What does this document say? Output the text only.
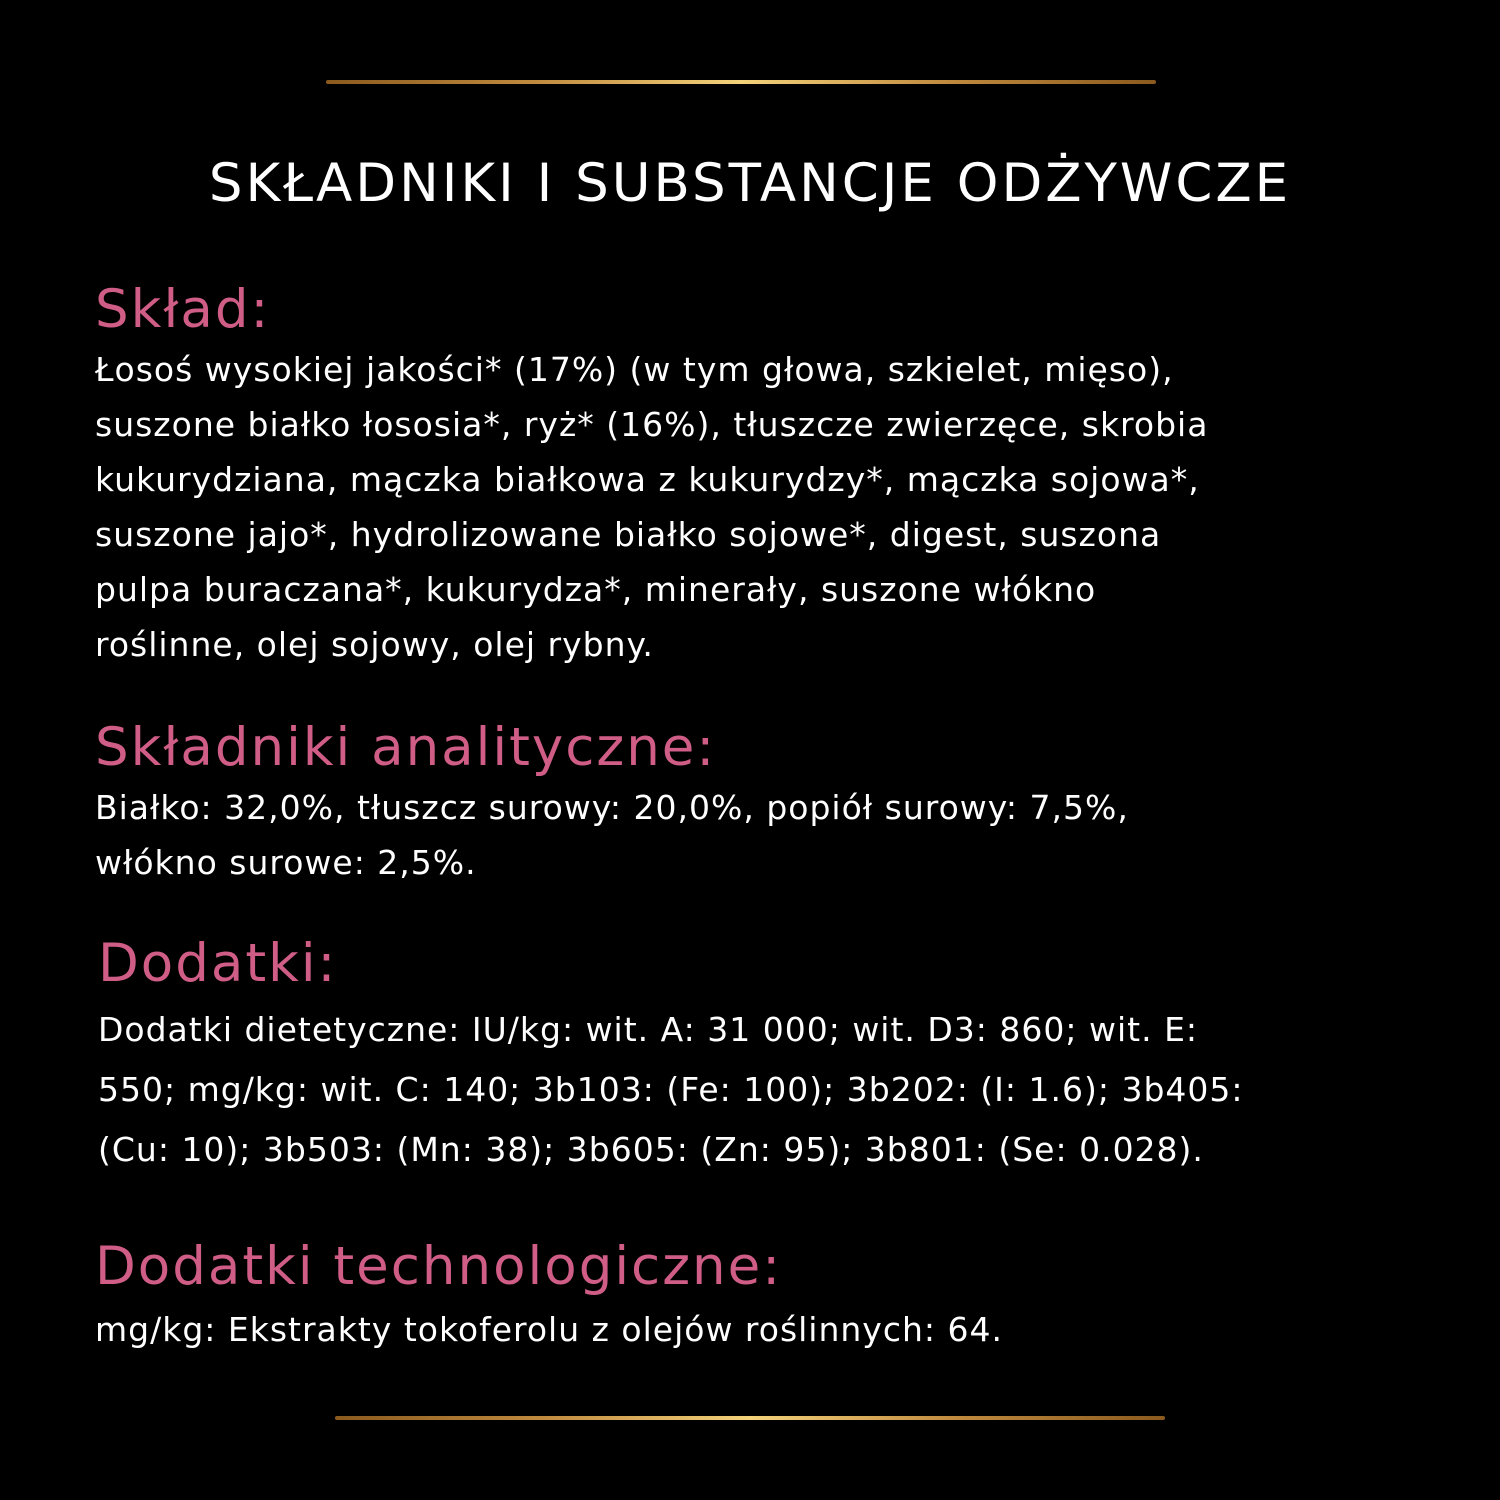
SKŁADNIKI I SUBSTANCJE ODŻYWCZE
Skład:
Łosoś wysokiej jakości* (17%) (w tym głowa, szkielet, mięso),
suszone białko łososia*, ryż* (16%), tłuszcze zwierzęce, skrobia
kukurydziana, mączka białkowa z kukurydzy*, mączka sojowa*,
suszone jajo*, hydrolizowane białko sojowe*, digest, suszona
pulpa buraczana*, kukurydza*, minerały, suszone włókno
roślinne, olej sojowy, olej rybny.
Składniki analityczne:
Białko: 32,0%, tłuszcz surowy: 20,0%, popiół surowy: 7,5%,
włókno surowe: 2,5%.
Dodatki:
Dodatki dietetyczne: IU/kg: wit. A: 31 000; wit. D3: 860; wit. E:
550; mg/kg: wit. C: 140; 3b103: (Fe: 100); 3b202: (I: 1.6); 3b405:
(Cu: 10); 3b503: (Mn: 38); 3b605: (Zn: 95); 3b801: (Se: 0.028).
Dodatki technologiczne:
mg/kg: Ekstrakty tokoferolu z olejów roślinnych: 64.
